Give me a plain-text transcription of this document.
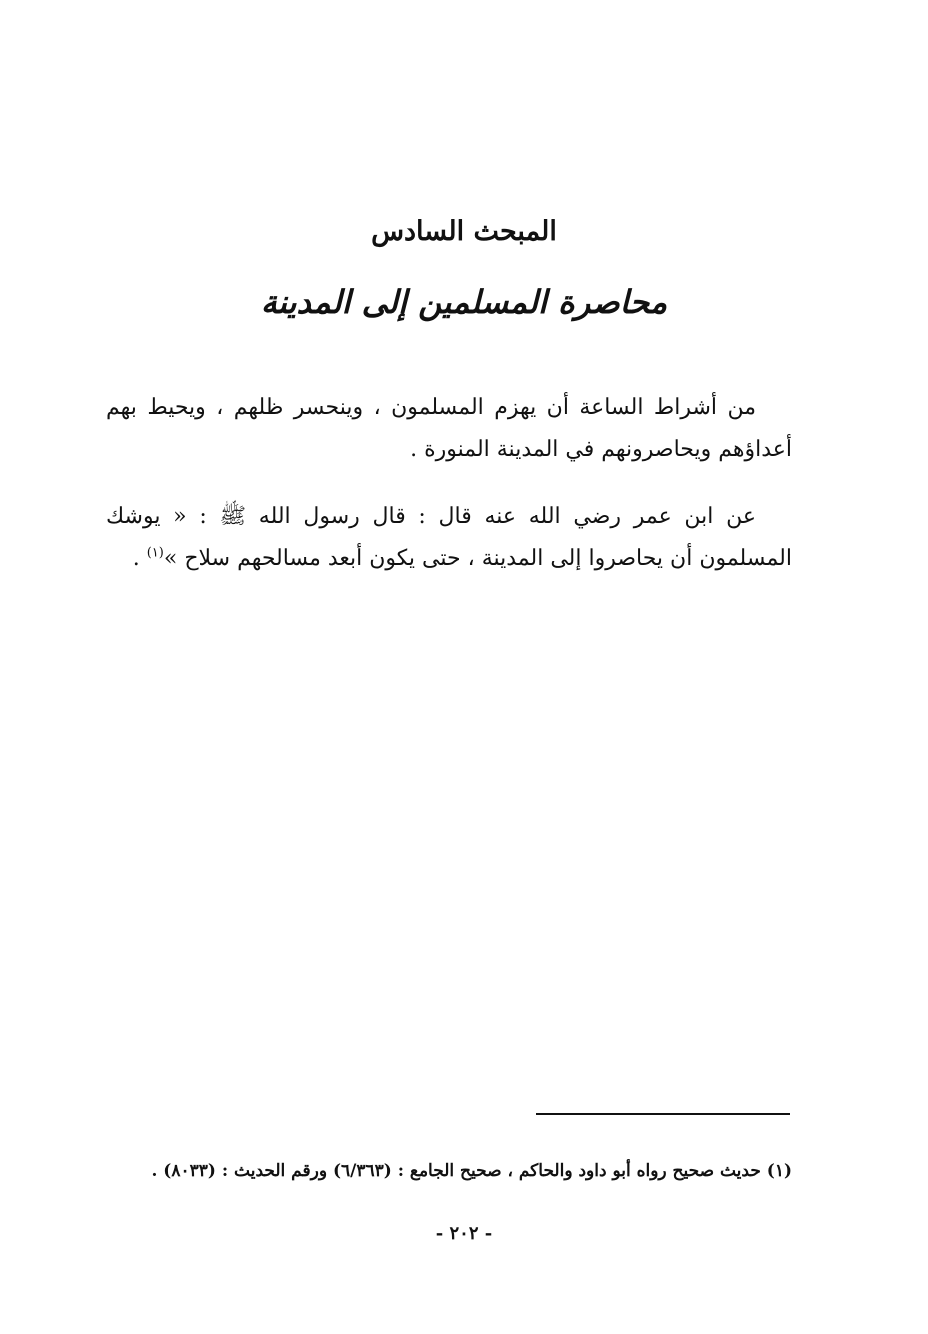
المبحث السادس
محاصرة المسلمين إلى المدينة
من أشراط الساعة أن يهزم المسلمون ، وينحسر ظلهم ، ويحيط بهم أعداؤهم ويحاصرونهم في المدينة المنورة .
عن ابن عمر رضي الله عنه قال : قال رسول الله ﷺ : « يوشك المسلمون أن يحاصروا إلى المدينة ، حتى يكون أبعد مسالحهم سلاح »$^{(١)}$ .
(١) حديث صحيح رواه أبو داود والحاكم ، صحيح الجامع : (٦/٣٦٣) ورقم الحديث : (٨٠٣٣) .
- ٢٠٢ -
